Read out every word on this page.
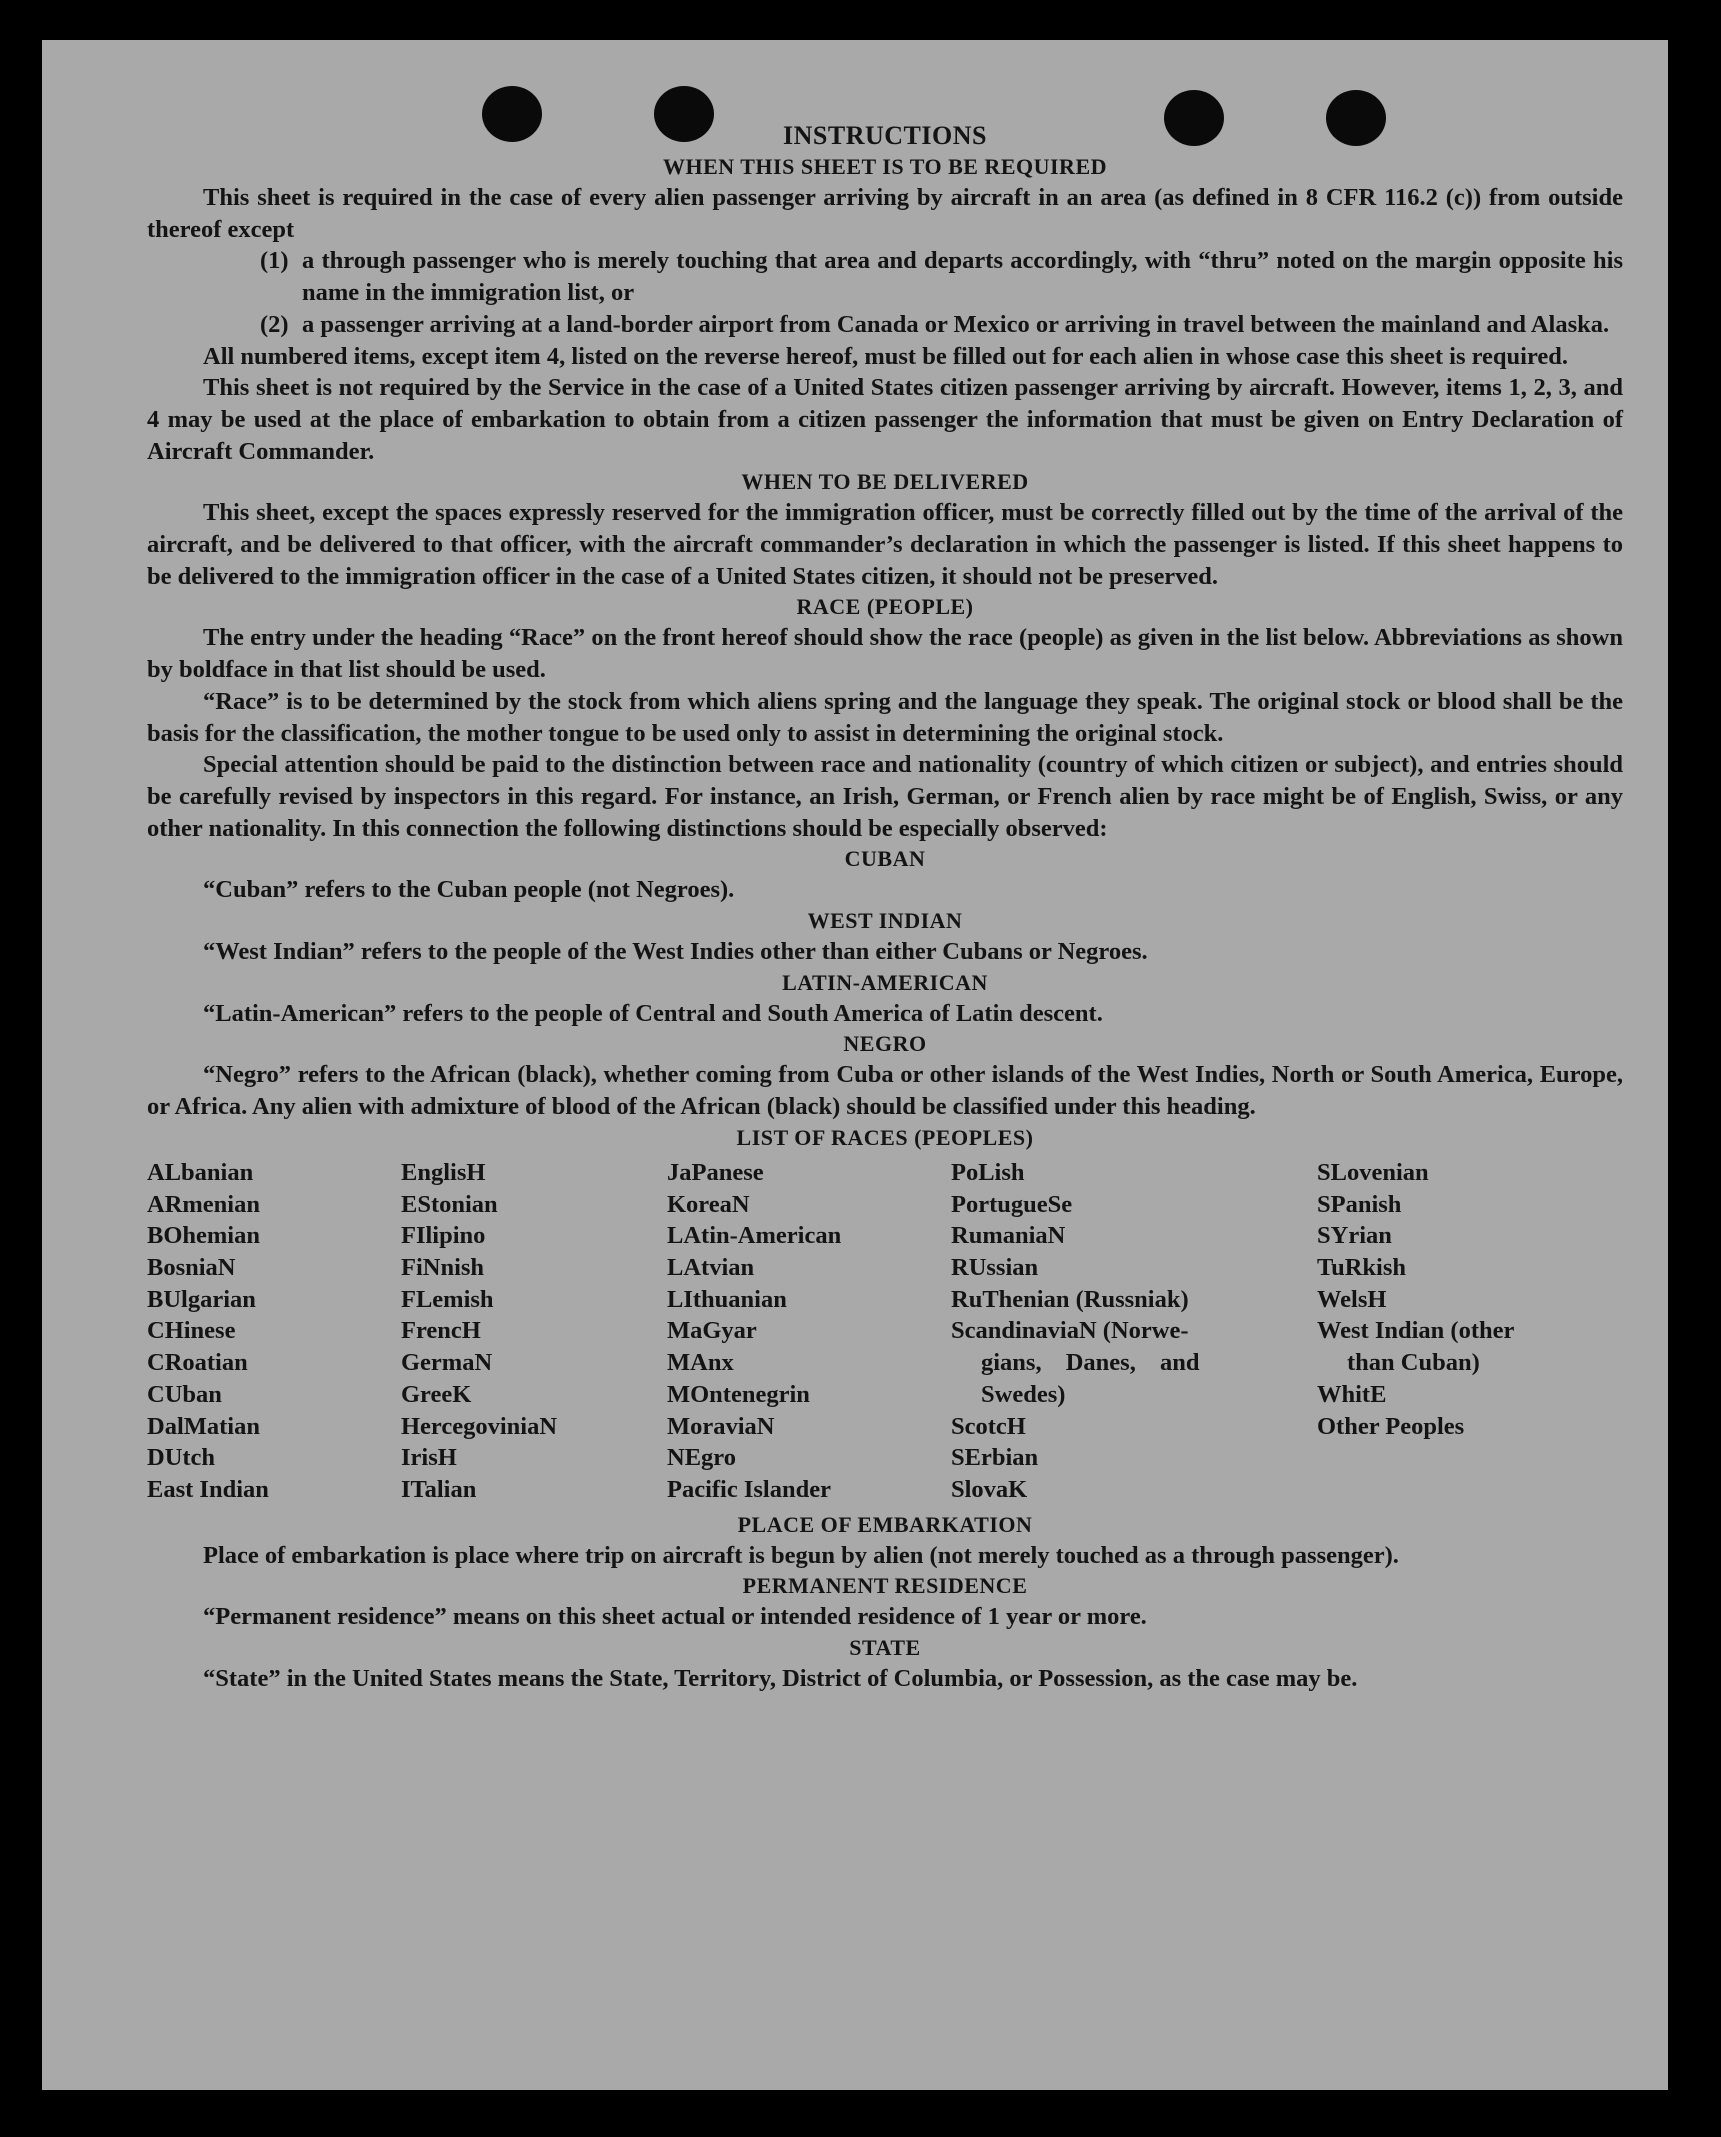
INSTRUCTIONS
WHEN THIS SHEET IS TO BE REQUIRED
This sheet is required in the case of every alien passenger arriving by aircraft in an area (as defined in 8 CFR 116.2 (c)) from outside thereof except
(1) a through passenger who is merely touching that area and departs accordingly, with “thru” noted on the margin opposite his name in the immigration list, or
(2) a passenger arriving at a land-border airport from Canada or Mexico or arriving in travel between the mainland and Alaska.
All numbered items, except item 4, listed on the reverse hereof, must be filled out for each alien in whose case this sheet is required.
This sheet is not required by the Service in the case of a United States citizen passenger arriving by aircraft. However, items 1, 2, 3, and 4 may be used at the place of embarkation to obtain from a citizen passenger the information that must be given on Entry Declaration of Aircraft Commander.
WHEN TO BE DELIVERED
This sheet, except the spaces expressly reserved for the immigration officer, must be correctly filled out by the time of the arrival of the aircraft, and be delivered to that officer, with the aircraft commander’s declaration in which the passenger is listed. If this sheet happens to be delivered to the immigration officer in the case of a United States citizen, it should not be preserved.
RACE (PEOPLE)
The entry under the heading “Race” on the front hereof should show the race (people) as given in the list below. Abbreviations as shown by boldface in that list should be used.
“Race” is to be determined by the stock from which aliens spring and the language they speak. The original stock or blood shall be the basis for the classification, the mother tongue to be used only to assist in determining the original stock.
Special attention should be paid to the distinction between race and nationality (country of which citizen or subject), and entries should be carefully revised by inspectors in this regard. For instance, an Irish, German, or French alien by race might be of English, Swiss, or any other nationality. In this connection the following distinctions should be especially observed:
CUBAN
“Cuban” refers to the Cuban people (not Negroes).
WEST INDIAN
“West Indian” refers to the people of the West Indies other than either Cubans or Negroes.
LATIN-AMERICAN
“Latin-American” refers to the people of Central and South America of Latin descent.
NEGRO
“Negro” refers to the African (black), whether coming from Cuba or other islands of the West Indies, North or South America, Europe, or Africa. Any alien with admixture of blood of the African (black) should be classified under this heading.
LIST OF RACES (PEOPLES)
ALbanian
ARmenian
BOhemian
BosniaN
BUlgarian
CHinese
CRoatian
CUban
DalMatian
DUtch
East Indian
EnglisH
EStonian
FIlipino
FiNnish
FLemish
FrencH
GermaN
GreeK
HercegoviniaN
IrisH
ITalian
JaPanese
KoreaN
LAtin-American
LAtvian
LIthuanian
MaGyar
MAnx
MOntenegrin
MoraviaN
NEgro
Pacific Islander
PoLish
PortugueSe
RumaniaN
RUssian
RuThenian (Russniak)
ScandinaviaN (Norwe-
gians, Danes, and
Swedes)
ScotcH
SErbian
SlovaK
SLovenian
SPanish
SYrian
TuRkish
WelsH
West Indian (other
than Cuban)
WhitE
Other Peoples
PLACE OF EMBARKATION
Place of embarkation is place where trip on aircraft is begun by alien (not merely touched as a through passenger).
PERMANENT RESIDENCE
“Permanent residence” means on this sheet actual or intended residence of 1 year or more.
STATE
“State” in the United States means the State, Territory, District of Columbia, or Possession, as the case may be.
